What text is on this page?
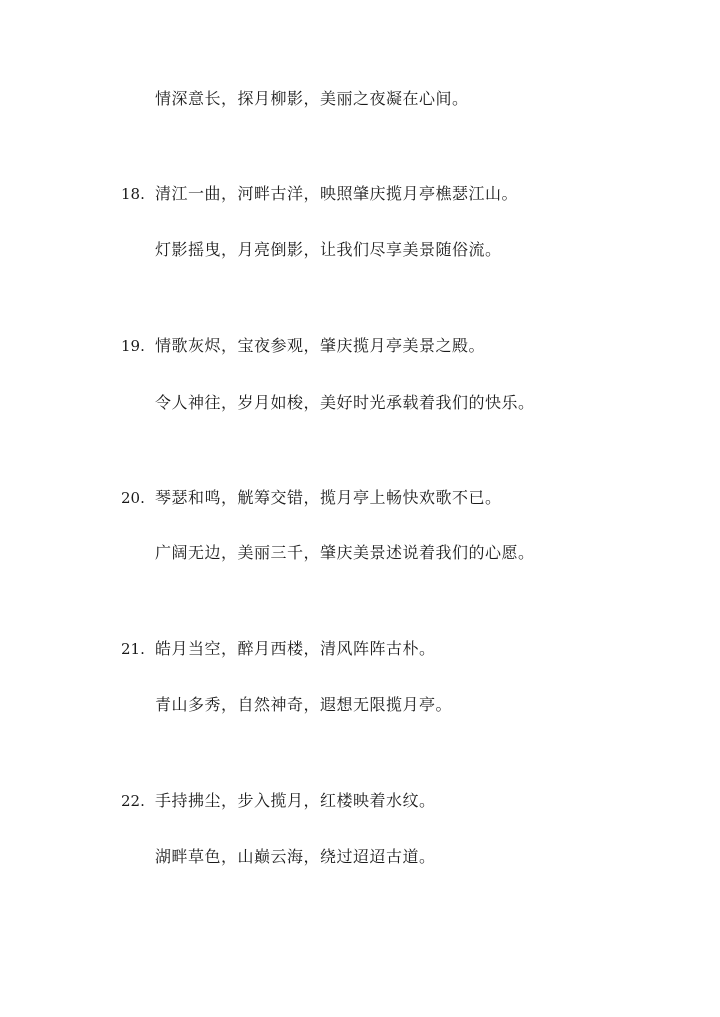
情深意长，探月柳影，美丽之夜凝在心间。
18. 清江一曲，河畔古洋，映照肇庆揽月亭樵瑟江山。
灯影摇曳，月亮倒影，让我们尽享美景随俗流。
19. 情歌灰烬，宝夜参观，肇庆揽月亭美景之殿。
令人神往，岁月如梭，美好时光承载着我们的快乐。
20. 琴瑟和鸣，觥筹交错，揽月亭上畅快欢歌不已。
广阔无边，美丽三千，肇庆美景述说着我们的心愿。
21. 皓月当空，醉月西楼，清风阵阵古朴。
青山多秀，自然神奇，遐想无限揽月亭。
22. 手持拂尘，步入揽月，红楼映着水纹。
湖畔草色，山巅云海，绕过迢迢古道。
